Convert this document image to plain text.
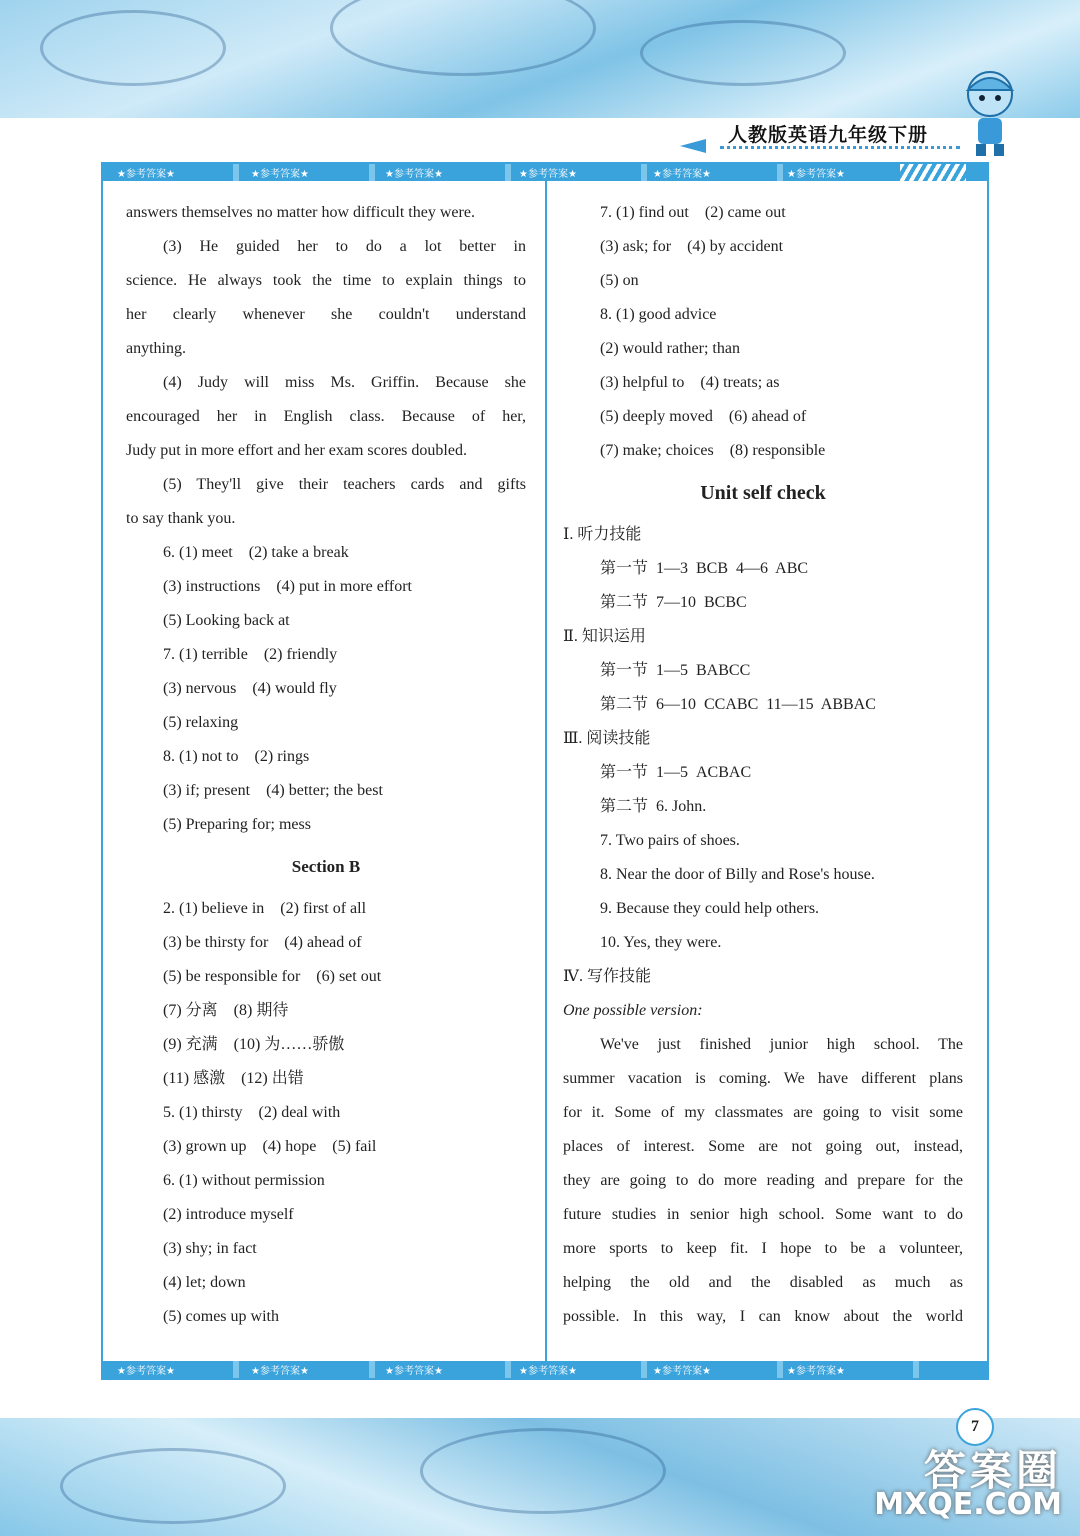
人教版英语九年级下册
★参考答案★	★参考答案★	★参考答案★	★参考答案★	★参考答案★	★参考答案★
★参考答案★	★参考答案★	★参考答案★	★参考答案★	★参考答案★	★参考答案★
answers themselves no matter how difficult they were.
(3) He guided her to do a lot better in
science. He always took the time to explain things to
her clearly whenever she couldn't understand
anything.
(4) Judy will miss Ms. Griffin. Because she
encouraged her in English class. Because of her,
Judy put in more effort and her exam scores doubled.
(5) They'll give their teachers cards and gifts
to say thank you.
6. (1) meet    (2) take a break
(3) instructions    (4) put in more effort
(5) Looking back at
7. (1) terrible    (2) friendly
(3) nervous    (4) would fly
(5) relaxing
8. (1) not to    (2) rings
(3) if; present    (4) better; the best
(5) Preparing for; mess
Section B
2. (1) believe in    (2) first of all
(3) be thirsty for    (4) ahead of
(5) be responsible for    (6) set out
(7) 分离    (8) 期待
(9) 充满    (10) 为……骄傲
(11) 感激    (12) 出错
5. (1) thirsty    (2) deal with
(3) grown up    (4) hope    (5) fail
6. (1) without permission
(2) introduce myself
(3) shy; in fact
(4) let; down
(5) comes up with
7. (1) find out    (2) came out
(3) ask; for    (4) by accident
(5) on
8. (1) good advice
(2) would rather; than
(3) helpful to    (4) treats; as
(5) deeply moved    (6) ahead of
(7) make; choices    (8) responsible
Unit self check
Ⅰ. 听力技能
第一节  1—3  BCB  4—6  ABC
第二节  7—10  BCBC
Ⅱ. 知识运用
第一节  1—5  BABCC
第二节  6—10  CCABC  11—15  ABBAC
Ⅲ. 阅读技能
第一节  1—5  ACBAC
第二节  6. John.
7. Two pairs of shoes.
8. Near the door of Billy and Rose's house.
9. Because they could help others.
10. Yes, they were.
Ⅳ. 写作技能
One possible version:
We've just finished junior high school. The
summer vacation is coming. We have different plans
for it. Some of my classmates are going to visit some
places of interest. Some are not going out, instead,
they are going to do more reading and prepare for the
future studies in senior high school. Some want to do
more sports to keep fit. I hope to be a volunteer,
helping the old and the disabled as much as
possible. In this way, I can know about the world
7
答案圈
MXQE.COM
